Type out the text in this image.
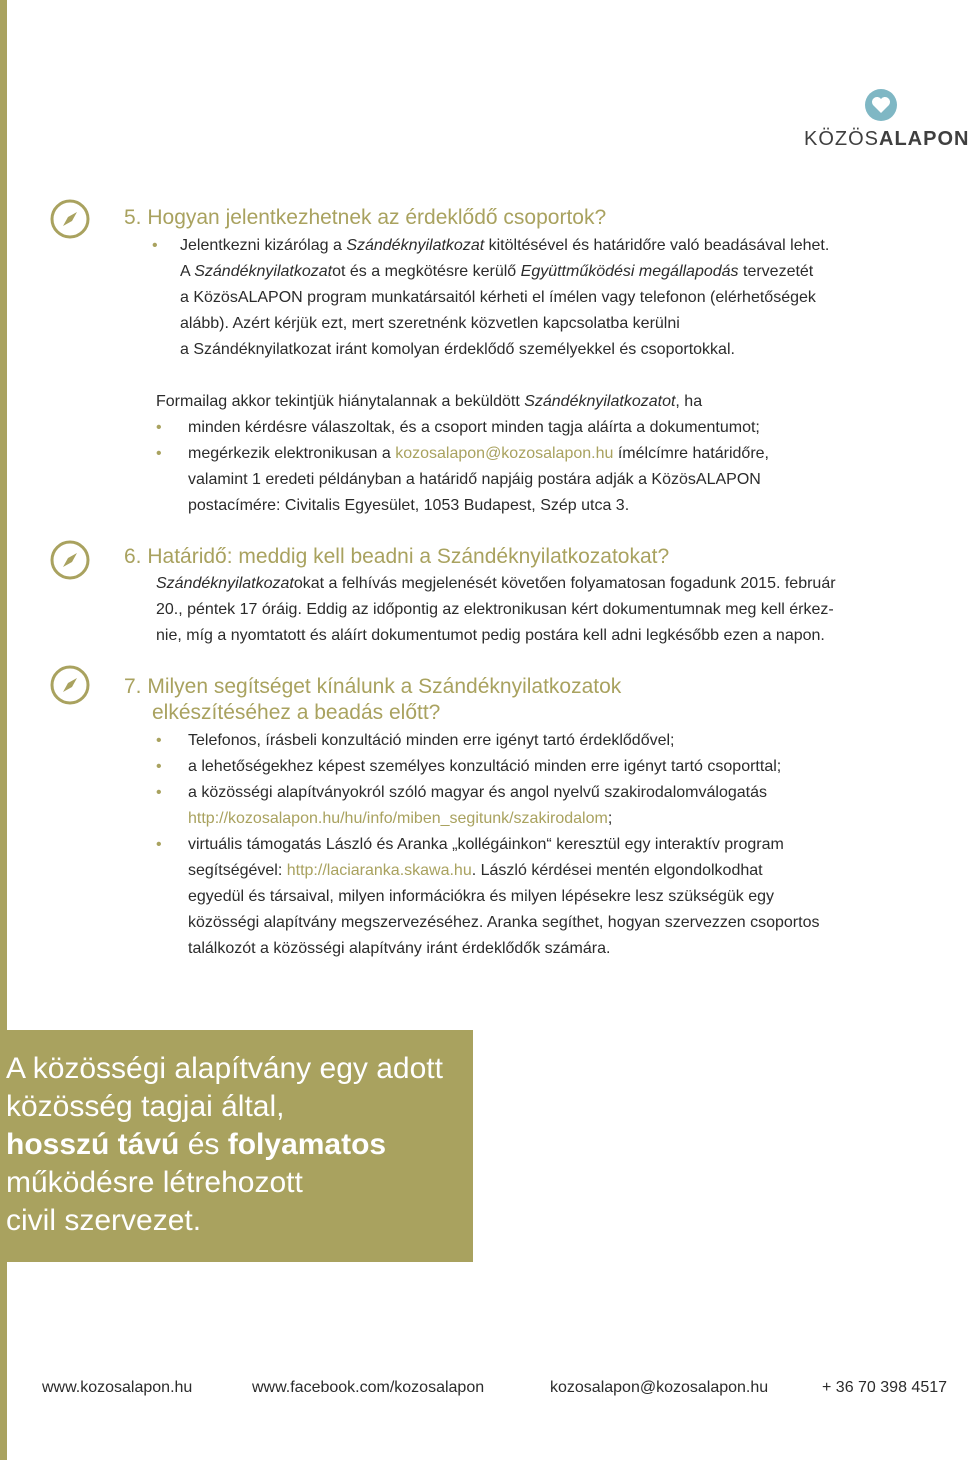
KÖZÖSALAPON
5. Hogyan jelentkezhetnek az érdeklődő csoportok?
• Jelentkezni kizárólag a Szándéknyilatkozat kitöltésével és határidőre való beadásával lehet.
A Szándéknyilatkozatot és a megkötésre kerülő Együttműködési megállapodás tervezetét
a KözösALAPON program munkatársaitól kérheti el ímélen vagy telefonon (elérhetőségek
alább). Azért kérjük ezt, mert szeretnénk közvetlen kapcsolatba kerülni
a Szándéknyilatkozat iránt komolyan érdeklődő személyekkel és csoportokkal.
Formailag akkor tekintjük hiánytalannak a beküldött Szándéknyilatkozatot, ha
• minden kérdésre válaszoltak, és a csoport minden tagja aláírta a dokumentumot;
• megérkezik elektronikusan a kozosalapon@kozosalapon.hu ímélcímre határidőre,
valamint 1 eredeti példányban a határidő napjáig postára adják a KözösALAPON
postacímére: Civitalis Egyesület, 1053 Budapest, Szép utca 3.
6. Határidő: meddig kell beadni a Szándéknyilatkozatokat?
Szándéknyilatkozatokat a felhívás megjelenését követően folyamatosan fogadunk 2015. február
20., péntek 17 óráig. Eddig az időpontig az elektronikusan kért dokumentumnak meg kell érkez-
nie, míg a nyomtatott és aláírt dokumentumot pedig postára kell adni legkésőbb ezen a napon.
7. Milyen segítséget kínálunk a Szándéknyilatkozatok
elkészítéséhez a beadás előtt?
• Telefonos, írásbeli konzultáció minden erre igényt tartó érdeklődővel;
• a lehetőségekhez képest személyes konzultáció minden erre igényt tartó csoporttal;
• a közösségi alapítványokról szóló magyar és angol nyelvű szakirodalomválogatás
http://kozosalapon.hu/hu/info/miben_segitunk/szakirodalom;
• virtuális támogatás László és Aranka „kollégáinkon“ keresztül egy interaktív program
segítségével: http://laciaranka.skawa.hu. László kérdései mentén elgondolkodhat
egyedül és társaival, milyen információkra és milyen lépésekre lesz szükségük egy
közösségi alapítvány megszervezéséhez. Aranka segíthet, hogyan szervezzen csoportos
találkozót a közösségi alapítvány iránt érdeklődők számára.
A közösségi alapítvány egy adott
közösség tagjai által,
hosszú távú és folyamatos
működésre létrehozott
civil szervezet.
www.kozosalapon.hu	www.facebook.com/kozosalapon	kozosalapon@kozosalapon.hu	+ 36 70 398 4517
